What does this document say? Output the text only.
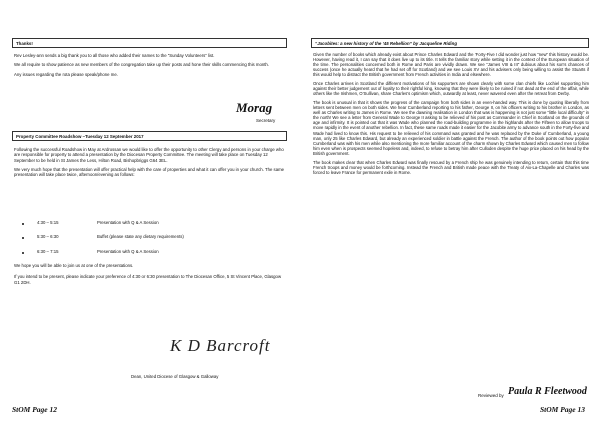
Thanks!

Rev Lesley-ann sends a big thank you to all those who added their names to the “Sunday Volunteers” list.

We all require to show patience as new members of the congregation take up their posts and hone their skills commencing this month.

Any issues regarding the rota please speak/phone me.

Morag
Secretary
Property Committee Roadshow –Tuesday 12 September 2017

Following the successful Roadshow in May at Ardrossan we would like to offer the opportunity to other Clergy and persons in your charge who are responsible for property to attend a presentation by the Diocesan Property Committee. The meeting will take place on Tuesday 12 September to be held in St James the Less, Hilton Road, Bishopbriggs G64 3EL.

We very much hope that the presentation will offer practical help with the care of properties and what it can offer you in your church. The same presentation will take place twice, afternoon/evening as follows:

4:30 – 5:15	Presentation with Q & A Session
5:30 – 6:30	Buffet (please state any dietary requirements)
6:30 – 7:15	Presentation with Q & A Session

We hope you will be able to join us at one of the presentations.

If you intend to be present, please indicate your preference of 4:30 or 6:30 presentation to The Diocesan Office, 5 St Vincent Place, Glasgow G1 2DH.

K D Barcroft
Dean, United Diocese of Glasgow & Galloway
StOM Page 12
“Jacobites: a new history of the ’45 Rebellion” by Jacqueline Riding

Given the number of books which already exist about Prince Charles Edward and the ‘Forty-Five I did wonder just how “new” this history would be. However, having read it, I can say that it does live up to its title. It tells the familiar story while setting it in the context of the European situation of the time. The personalities concerned both in Rome and Paris are vividly drawn. We see “James VIII & III” dubious about his son’s chances of success (once he actually heard that he had set off for Scotland) and we see Louis XV and his advisers only being willing to assist the Stuarts if this would help to distract the British government from French activities in India and elsewhere.

Once Charles arrives in Scotland the different motivations of his supporters are shown clearly with some clan chiefs like Lochiel supporting him against their better judgement out of loyalty to their rightful king, knowing that they were likely to be ruined if not dead at the end of the affair, while others like the Irishmen, O’Sullivan, share Charles’s optimism which, outwardly at least, never wavered even after the retreat from Derby.

The book is unusual in that it shows the progress of the campaign from both sides in an even-handed way. This is done by quoting liberally from letters sent between men on both sides. We hear Cumberland reporting to his father, George II, on his officers writing to his brother in London, as well as Charles writing to James in Rome. We see the dawning realisation in London that was is happening is not just some “little local difficulty” in the north! We see a letter from General Wade to George II asking to be relieved of his post as Commander in Chief in Scotland on the grounds of age and infirmity. It is pointed out that it was Wade who planned the road-building programme in the highlands after the Fifteen to allow troops to move rapidly in the event of another rebellion. In fact, these same roads made it easier for the Jacobite army to advance south in the Forty-five and Wade had lived to know this. His request to be relieved of his command was granted and he was replaced by the Duke of Cumberland, a young man, only 25 like Charles Edward, but already an experienced soldier in battle against the French. The author of the book points out how popular Cumberland was with his men while also mentioning the more familiar account of the charm shown by Charles Edward which caused men to follow him even when is prospects seemed hopeless and, indeed, to refuse to betray him after Culloden despite the huge price placed on his head by the British government.

The book makes clear that when Charles Edward was finally rescued by a French ship he was genuinely intending to return, certain that this time French troops and money would be forthcoming. Instead the French and British made peace with the Treaty of Aix-La-Chapelle and Charles was forced to leave France for permanent exile in Rome.

Reviewed by Paula R Fleetwood
StOM Page 13
